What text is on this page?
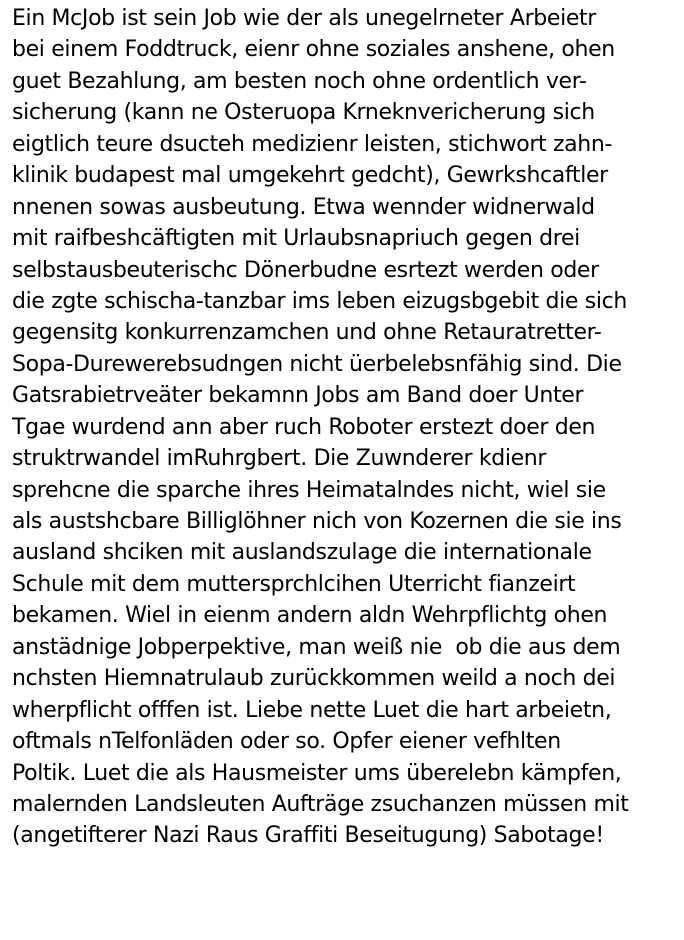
Ein McJob ist sein Job wie der als unegelrneter Arbeietr
bei einem Foddtruck, eienr ohne soziales anshene, ohen
guet Bezahlung, am besten noch ohne ordentlich ver-
sicherung (kann ne Osteruopa Krneknvericherung sich
eigtlich teure dsucteh medizienr leisten, stichwort zahn-
klinik budapest mal umgekehrt gedcht), Gewrkshcaftler
nnenen sowas ausbeutung. Etwa wennder widnerwald
mit raifbeshcäftigten mit Urlaubsnapriuch gegen drei
selbstausbeuterischc Dönerbudne esrtezt werden oder
die zgte schischa-tanzbar ims leben eizugsbgebit die sich
gegensitg konkurrenzamchen und ohne Retauratretter-
Sopa-Durewerebsudngen nicht üerbelebsnfähig sind. Die
Gatsrabietrveäter bekamnn Jobs am Band doer Unter
Tgae wurdend ann aber ruch Roboter erstezt doer den
struktrwandel imRuhrgbert. Die Zuwnderer kdienr
sprehcne die sparche ihres Heimatalndes nicht, wiel sie
als austshcbare Billiglöhner nich von Kozernen die sie ins
ausland shciken mit auslandszulage die internationale
Schule mit dem muttersprchlcihen Uterricht fianzeirt
bekamen. Wiel in eienm andern aldn Wehrpflichtg ohen
anstädnige Jobperpektive, man weiß nie  ob die aus dem
nchsten Hiemnatrulaub zurückkommen weild a noch dei
wherpflicht offfen ist. Liebe nette Luet die hart arbeietn,
oftmals nTelfonläden oder so. Opfer eiener vefhlten
Poltik. Luet die als Hausmeister ums überelebn kämpfen,
malernden Landsleuten Aufträge zsuchanzen müssen mit
(angetifterer Nazi Raus Graffiti Beseitugung) Sabotage!
